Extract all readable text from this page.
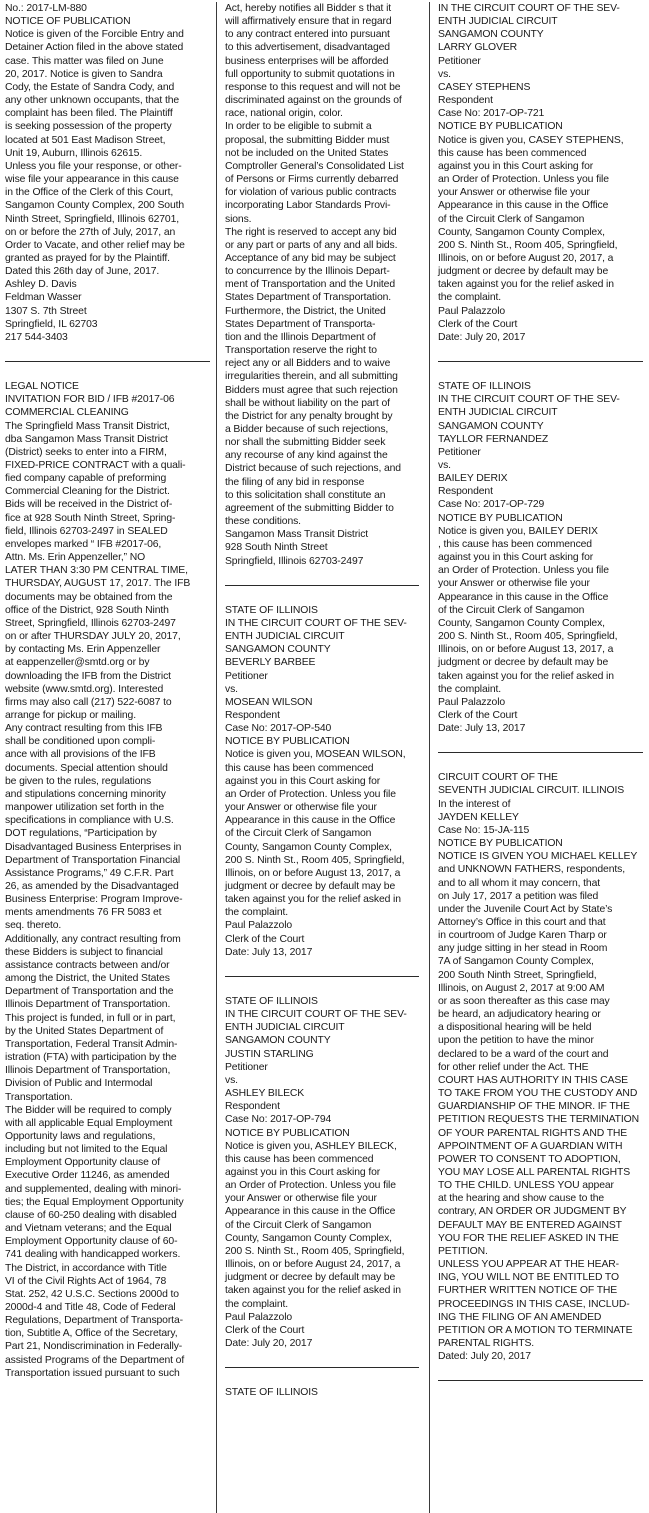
No.: 2017-LM-880
NOTICE OF PUBLICATION
Notice is given of the Forcible Entry and
Detainer Action filed in the above stated
case. This matter was filed on June
20, 2017. Notice is given to Sandra
Cody, the Estate of Sandra Cody, and
any other unknown occupants, that the
complaint has been filed. The Plaintiff
is seeking possession of the property
located at 501 East Madison Street,
Unit 19, Auburn, Illinois 62615.
Unless you file your response, or other-
wise file your appearance in this cause
in the Office of the Clerk of this Court,
Sangamon County Complex, 200 South
Ninth Street, Springfield, Illinois 62701,
on or before the 27th of July, 2017, an
Order to Vacate, and other relief may be
granted as prayed for by the Plaintiff.
Dated this 26th day of June, 2017.
Ashley D. Davis
Feldman Wasser
1307 S. 7th Street
Springfield, IL 62703
217 544-3403
LEGAL NOTICE
INVITATION FOR BID / IFB #2017-06
COMMERCIAL CLEANING
The Springfield Mass Transit District,
dba Sangamon Mass Transit District
(District) seeks to enter into a FIRM,
FIXED-PRICE CONTRACT with a quali-
fied company capable of preforming
Commercial Cleaning for the District.
Bids will be received in the District of-
fice at 928 South Ninth Street, Spring-
field, Illinois 62703-2497 in SEALED
envelopes marked “ IFB #2017-06,
Attn. Ms. Erin Appenzeller,” NO
LATER THAN 3:30 PM CENTRAL TIME,
THURSDAY, AUGUST 17, 2017. The IFB
documents may be obtained from the
office of the District, 928 South Ninth
Street, Springfield, Illinois 62703-2497
on or after THURSDAY JULY 20, 2017,
by contacting Ms. Erin Appenzeller
at eappenzeller@smtd.org or by
downloading the IFB from the District
website (www.smtd.org). Interested
firms may also call (217) 522-6087 to
arrange for pickup or mailing.
Any contract resulting from this IFB
shall be conditioned upon compli-
ance with all provisions of the IFB
documents. Special attention should
be given to the rules, regulations
and stipulations concerning minority
manpower utilization set forth in the
specifications in compliance with U.S.
DOT regulations, “Participation by
Disadvantaged Business Enterprises in
Department of Transportation Financial
Assistance Programs,” 49 C.F.R. Part
26, as amended by the Disadvantaged
Business Enterprise: Program Improve-
ments amendments 76 FR 5083 et
seq. thereto.
Additionally, any contract resulting from
these Bidders is subject to financial
assistance contracts between and/or
among the District, the United States
Department of Transportation and the
Illinois Department of Transportation.
This project is funded, in full or in part,
by the United States Department of
Transportation, Federal Transit Admin-
istration (FTA) with participation by the
Illinois Department of Transportation,
Division of Public and Intermodal
Transportation.
The Bidder will be required to comply
with all applicable Equal Employment
Opportunity laws and regulations,
including but not limited to the Equal
Employment Opportunity clause of
Executive Order 11246, as amended
and supplemented, dealing with minori-
ties; the Equal Employment Opportunity
clause of 60-250 dealing with disabled
and Vietnam veterans; and the Equal
Employment Opportunity clause of 60-
741 dealing with handicapped workers.
The District, in accordance with Title
VI of the Civil Rights Act of 1964, 78
Stat. 252, 42 U.S.C. Sections 2000d to
2000d-4 and Title 48, Code of Federal
Regulations, Department of Transporta-
tion, Subtitle A, Office of the Secretary,
Part 21, Nondiscrimination in Federally-
assisted Programs of the Department of
Transportation issued pursuant to such
Act, hereby notifies all Bidder s that it
will affirmatively ensure that in regard
to any contract entered into pursuant
to this advertisement, disadvantaged
business enterprises will be afforded
full opportunity to submit quotations in
response to this request and will not be
discriminated against on the grounds of
race, national origin, color.
In order to be eligible to submit a
proposal, the submitting Bidder must
not be included on the United States
Comptroller General’s Consolidated List
of Persons or Firms currently debarred
for violation of various public contracts
incorporating Labor Standards Provi-
sions.
The right is reserved to accept any bid
or any part or parts of any and all bids.
Acceptance of any bid may be subject
to concurrence by the Illinois Depart-
ment of Transportation and the United
States Department of Transportation.
Furthermore, the District, the United
States Department of Transporta-
tion and the Illinois Department of
Transportation reserve the right to
reject any or all Bidders and to waive
irregularities therein, and all submitting
Bidders must agree that such rejection
shall be without liability on the part of
the District for any penalty brought by
a Bidder because of such rejections,
nor shall the submitting Bidder seek
any recourse of any kind against the
District because of such rejections, and
the filing of any bid in response
to this solicitation shall constitute an
agreement of the submitting Bidder to
these conditions.
Sangamon Mass Transit District
928 South Ninth Street
Springfield, Illinois 62703-2497
STATE OF ILLINOIS
IN THE CIRCUIT COURT OF THE SEV-
ENTH JUDICIAL CIRCUIT
SANGAMON COUNTY
BEVERLY BARBEE
Petitioner
vs.
MOSEAN WILSON
Respondent
Case No: 2017-OP-540
NOTICE BY PUBLICATION
Notice is given you, MOSEAN WILSON,
this cause has been commenced
against you in this Court asking for
an Order of Protection. Unless you file
your Answer or otherwise file your
Appearance in this cause in the Office
of the Circuit Clerk of Sangamon
County, Sangamon County Complex,
200 S. Ninth St., Room 405, Springfield,
Illinois, on or before August 13, 2017, a
judgment or decree by default may be
taken against you for the relief asked in
the complaint.
Paul Palazzolo
Clerk of the Court
Date: July 13, 2017
STATE OF ILLINOIS
IN THE CIRCUIT COURT OF THE SEV-
ENTH JUDICIAL CIRCUIT
SANGAMON COUNTY
JUSTIN STARLING
Petitioner
vs.
ASHLEY BILECK
Respondent
Case No: 2017-OP-794
NOTICE BY PUBLICATION
Notice is given you, ASHLEY BILECK,
this cause has been commenced
against you in this Court asking for
an Order of Protection. Unless you file
your Answer or otherwise file your
Appearance in this cause in the Office
of the Circuit Clerk of Sangamon
County, Sangamon County Complex,
200 S. Ninth St., Room 405, Springfield,
Illinois, on or before August 24, 2017, a
judgment or decree by default may be
taken against you for the relief asked in
the complaint.
Paul Palazzolo
Clerk of the Court
Date: July 20, 2017
STATE OF ILLINOIS
IN THE CIRCUIT COURT OF THE SEV-
ENTH JUDICIAL CIRCUIT
SANGAMON COUNTY
LARRY GLOVER
Petitioner
vs.
CASEY STEPHENS
Respondent
Case No: 2017-OP-721
NOTICE BY PUBLICATION
Notice is given you, CASEY STEPHENS,
this cause has been commenced
against you in this Court asking for
an Order of Protection. Unless you file
your Answer or otherwise file your
Appearance in this cause in the Office
of the Circuit Clerk of Sangamon
County, Sangamon County Complex,
200 S. Ninth St., Room 405, Springfield,
Illinois, on or before August 20, 2017, a
judgment or decree by default may be
taken against you for the relief asked in
the complaint.
Paul Palazzolo
Clerk of the Court
Date: July 20, 2017
STATE OF ILLINOIS
IN THE CIRCUIT COURT OF THE SEV-
ENTH JUDICIAL CIRCUIT
SANGAMON COUNTY
TAYLLOR FERNANDEZ
Petitioner
vs.
BAILEY DERIX
Respondent
Case No: 2017-OP-729
NOTICE BY PUBLICATION
Notice is given you, BAILEY DERIX
, this cause has been commenced
against you in this Court asking for
an Order of Protection. Unless you file
your Answer or otherwise file your
Appearance in this cause in the Office
of the Circuit Clerk of Sangamon
County, Sangamon County Complex,
200 S. Ninth St., Room 405, Springfield,
Illinois, on or before August 13, 2017, a
judgment or decree by default may be
taken against you for the relief asked in
the complaint.
Paul Palazzolo
Clerk of the Court
Date: July 13, 2017
CIRCUIT COURT OF THE
SEVENTH JUDICIAL CIRCUIT. ILLINOIS
In the interest of
JAYDEN KELLEY
Case No: 15-JA-115
NOTICE BY PUBLICATION
NOTICE IS GIVEN YOU MICHAEL KELLEY
and UNKNOWN FATHERS, respondents,
and to all whom it may concern, that
on July 17, 2017 a petition was filed
under the Juvenile Court Act by State’s
Attorney’s Office in this court and that
in courtroom of Judge Karen Tharp or
any judge sitting in her stead in Room
7A of Sangamon County Complex,
200 South Ninth Street, Springfield,
Illinois, on August 2, 2017 at 9:00 AM
or as soon thereafter as this case may
be heard, an adjudicatory hearing or
a dispositional hearing will be held
upon the petition to have the minor
declared to be a ward of the court and
for other relief under the Act. THE
COURT HAS AUTHORITY IN THIS CASE
TO TAKE FROM YOU THE CUSTODY AND
GUARDIANSHIP OF THE MINOR. IF THE
PETITION REQUESTS THE TERMINATION
OF YOUR PARENTAL RIGHTS AND THE
APPOINTMENT OF A GUARDIAN WITH
POWER TO CONSENT TO ADOPTION,
YOU MAY LOSE ALL PARENTAL RIGHTS
TO THE CHILD. UNLESS YOU appear
at the hearing and show cause to the
contrary, AN ORDER OR JUDGMENT BY
DEFAULT MAY BE ENTERED AGAINST
YOU FOR THE RELIEF ASKED IN THE
PETITION.
UNLESS YOU APPEAR AT THE HEAR-
ING, YOU WILL NOT BE ENTITLED TO
FURTHER WRITTEN NOTICE OF THE
PROCEEDINGS IN THIS CASE, INCLUD-
ING THE FILING OF AN AMENDED
PETITION OR A MOTION TO TERMINATE
PARENTAL RIGHTS.
Dated: July 20, 2017
